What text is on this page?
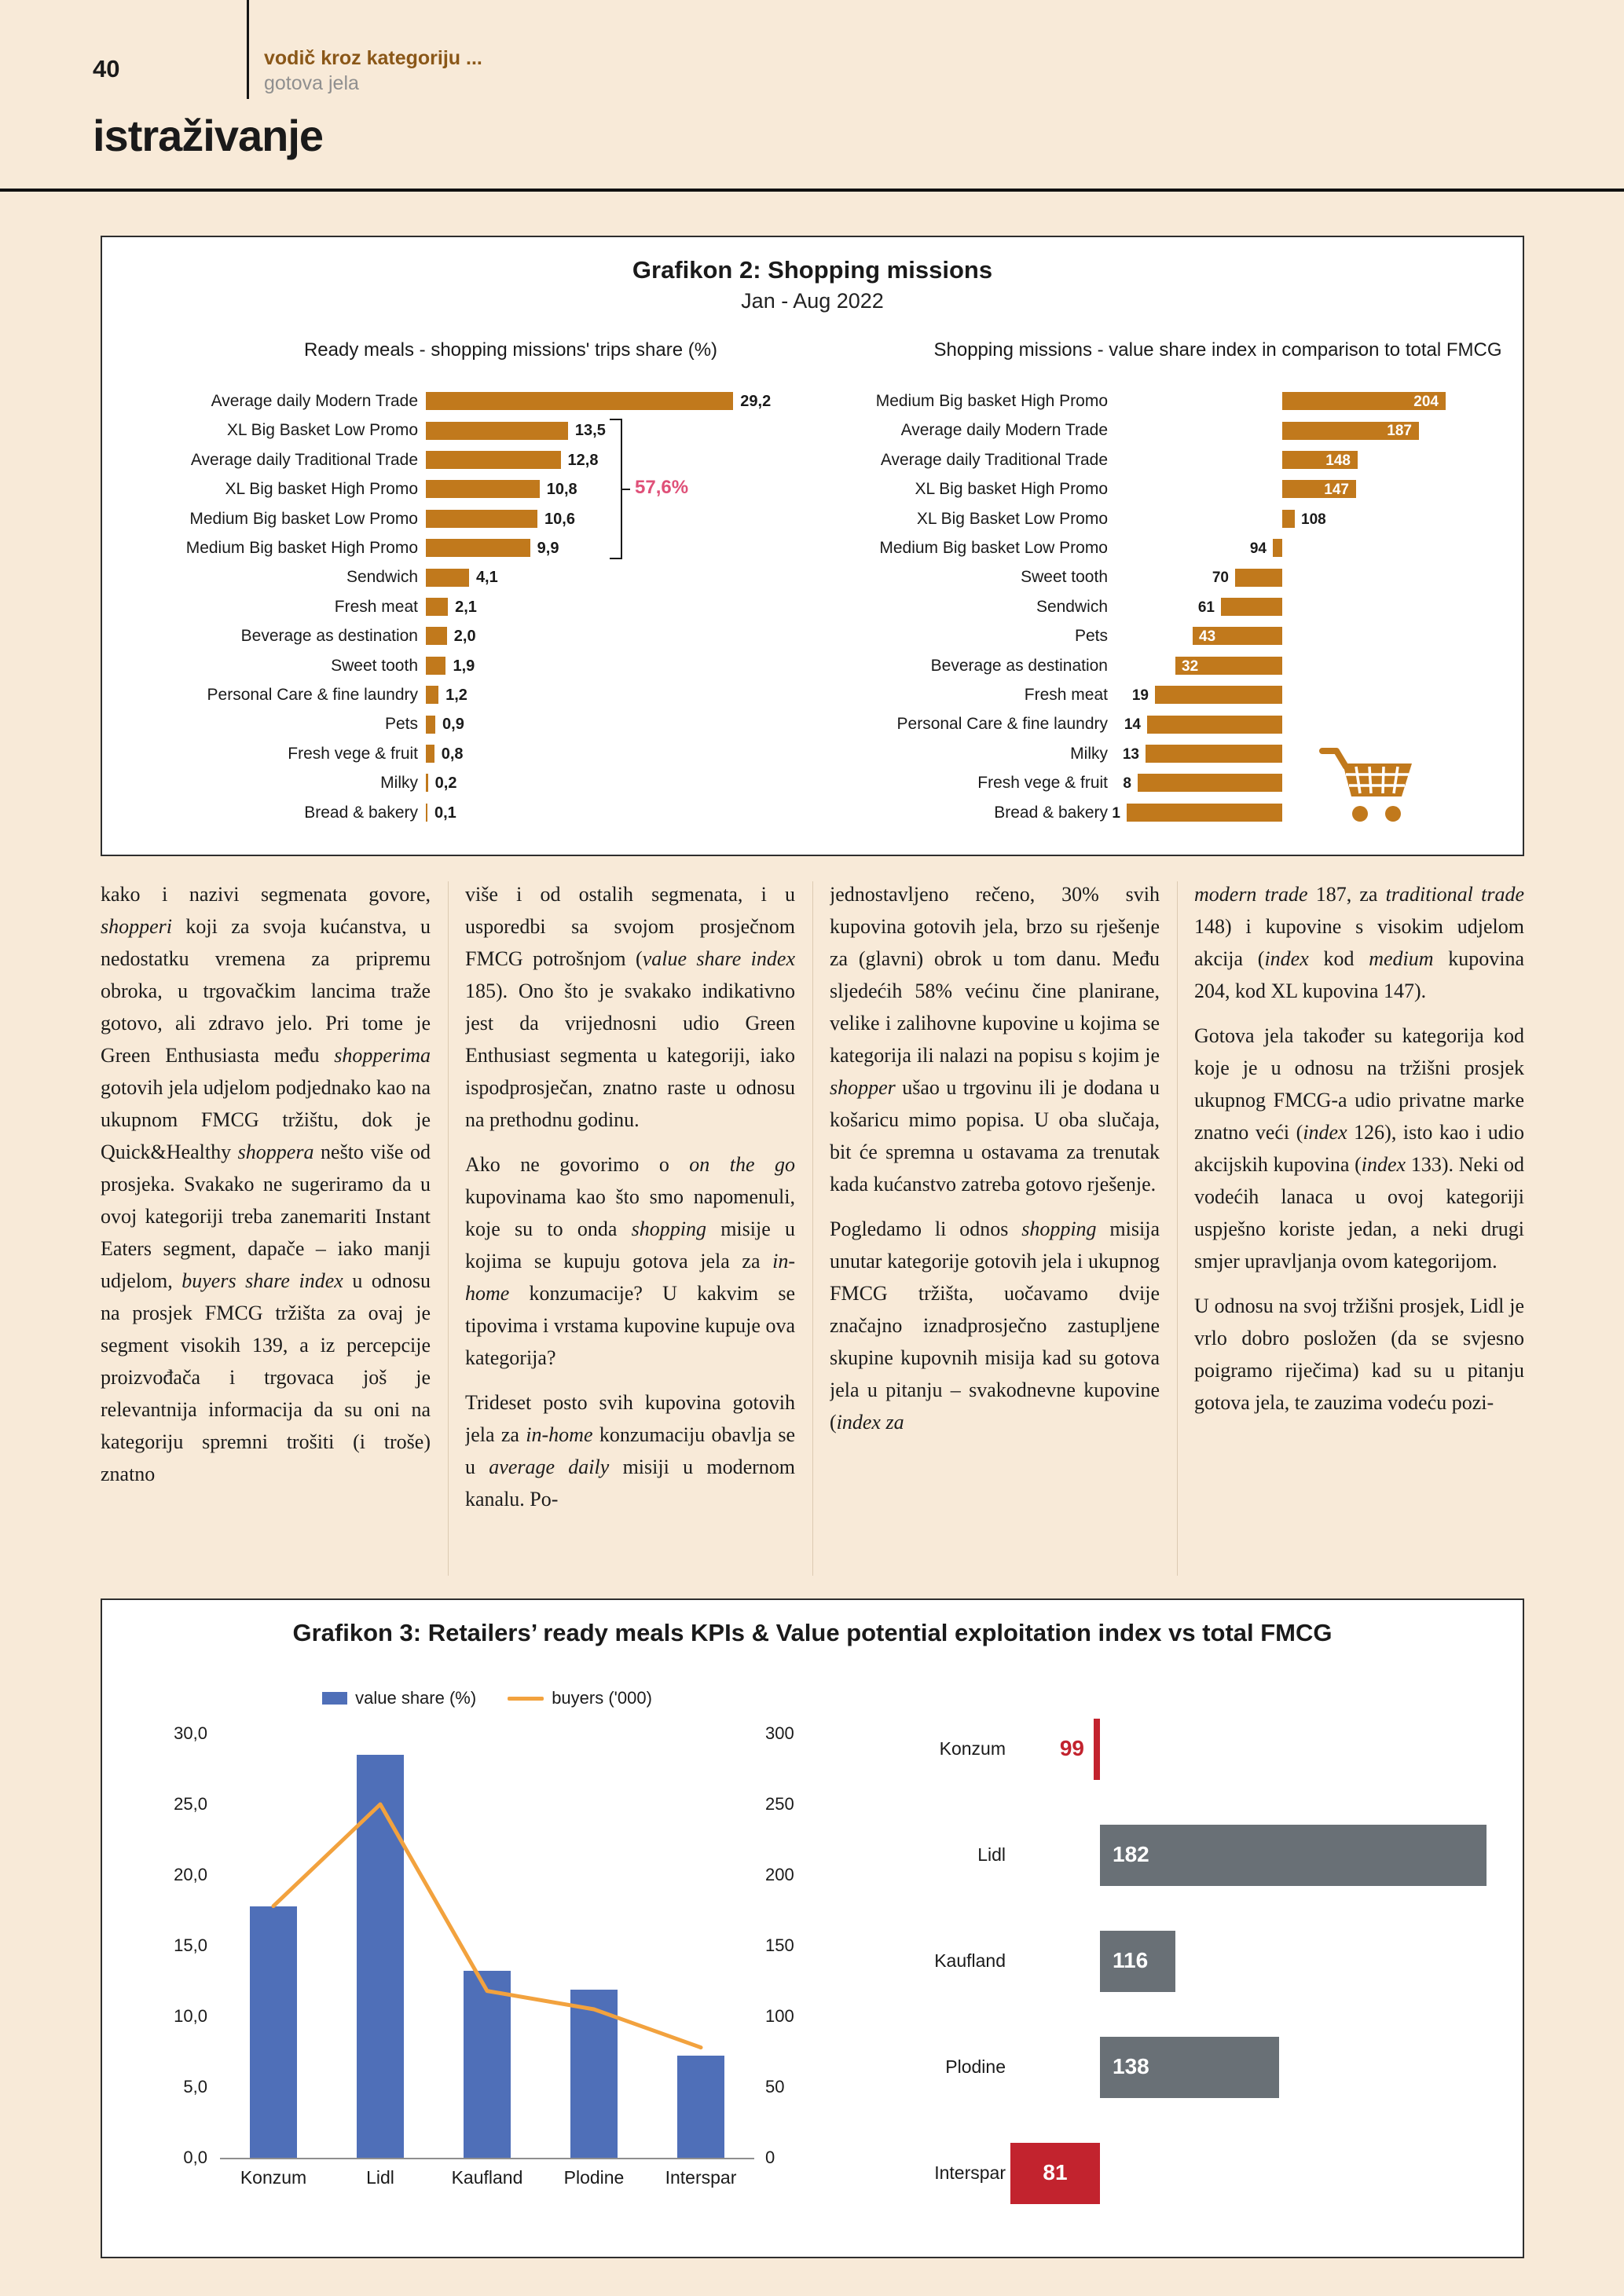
40	vodič kroz kategoriju ...
gotova jela
istraživanje
Grafikon 2: Shopping missions
Jan - Aug 2022
Ready meals - shopping missions' trips share (%)	Shopping missions - value share index in comparison to total FMCG
Average daily Modern Trade	29,2
XL Big Basket Low Promo	13,5
Average daily Traditional Trade	12,8
XL Big basket High Promo	10,8
Medium Big basket Low Promo	10,6
Medium Big basket High Promo	9,9
Sendwich	4,1
Fresh meat 2,1
Beverage as destination 2,0
Sweet tooth 1,9
Personal Care & fine laundry 1,2
Pets 0,9
Fresh vege & fruit 0,8
Milky 0,2
Bread & bakery 0,1
57,6%
Medium Big basket High Promo	204
Average daily Modern Trade	187
Average daily Traditional Trade	148
XL Big basket High Promo	147
XL Big Basket Low Promo	108
Medium Big basket Low Promo	94
Sweet tooth	70
Sendwich	61
Pets	43
Beverage as destination	32
Fresh meat	19
Personal Care & fine laundry	14
Milky 13
Fresh vege & fruit	8
Bread & bakery 1

kako i nazivi segmenata govore, shopperi koji za svoja kućanstva, u nedostatku vremena za pripremu obroka, u trgovačkim lancima traže gotovo, ali zdravo jelo. Pri tome je Green Enthusiasta među shopperima gotovih jela udjelom podjednako kao na ukupnom FMCG tržištu, dok je Quick&Healthy shoppera nešto više od prosjeka. Svakako ne sugeriramo da u ovoj kategoriji treba zanemariti Instant Eaters segment, dapače – iako manji udjelom, buyers share index u odnosu na prosjek FMCG tržišta za ovaj je segment visokih 139, a iz percepcije proizvođača i trgovaca još je relevantnija informacija da su oni na kategoriju spremni trošiti (i troše) znatno

više i od ostalih segmenata, i u usporedbi sa svojom prosječnom FMCG potrošnjom (value share index 185). Ono što je svakako indikativno jest da vrijednosni udio Green Enthusiast segmenta u kategoriji, iako ispodprosječan, znatno raste u odnosu na prethodnu godinu.

Ako ne govorimo o on the go kupovinama kao što smo napomenuli, koje su to onda shopping misije u kojima se kupuju gotova jela za in-home konzumacije? U kakvim se tipovima i vrstama kupovine kupuje ova kategorija?

Trideset posto svih kupovina gotovih jela za in-home konzumaciju obavlja se u average daily misiji u modernom kanalu. Po-

jednostavljeno rečeno, 30% svih kupovina gotovih jela, brzo su rješenje za (glavni) obrok u tom danu. Među sljedećih 58% većinu čine planirane, velike i zalihovne kupovine u kojima se kategorija ili nalazi na popisu s kojim je shopper ušao u trgovinu ili je dodana u košaricu mimo popisa. U oba slučaja, bit će spremna u ostavama za trenutak kada kućanstvo zatreba gotovo rješenje.

Pogledamo li odnos shopping misija unutar kategorije gotovih jela i ukupnog FMCG tržišta, uočavamo dvije značajno iznadprosječno zastupljene skupine kupovnih misija kad su gotova jela u pitanju – svakodnevne kupovine (index za

modern trade 187, za traditional trade 148) i kupovine s visokim udjelom akcija (index kod medium kupovina 204, kod XL kupovina 147).

Gotova jela također su kategorija kod koje je u odnosu na tržišni prosjek ukupnog FMCG-a udio privatne marke znatno veći (index 126), isto kao i udio akcijskih kupovina (index 133). Neki od vodećih lanaca u ovoj kategoriji uspješno koriste jedan, a neki drugi smjer upravljanja ovom kategorijom.

U odnosu na svoj tržišni prosjek, Lidl je vrlo dobro posložen (da se svjesno poigramo riječima) kad su u pitanju gotova jela, te zauzima vodeću pozi-

Grafikon 3: Retailers’ ready meals KPIs & Value potential exploitation index vs total FMCG
value share (%)	buyers ('000)
30,0	300
25,0	250
20,0	200
15,0	150
10,0	100
5,0	50
0,0	0
Konzum	Lidl	Kaufland	Plodine	Interspar
Konzum	99
Lidl	182
Kaufland	116
Plodine	138
Interspar	81
